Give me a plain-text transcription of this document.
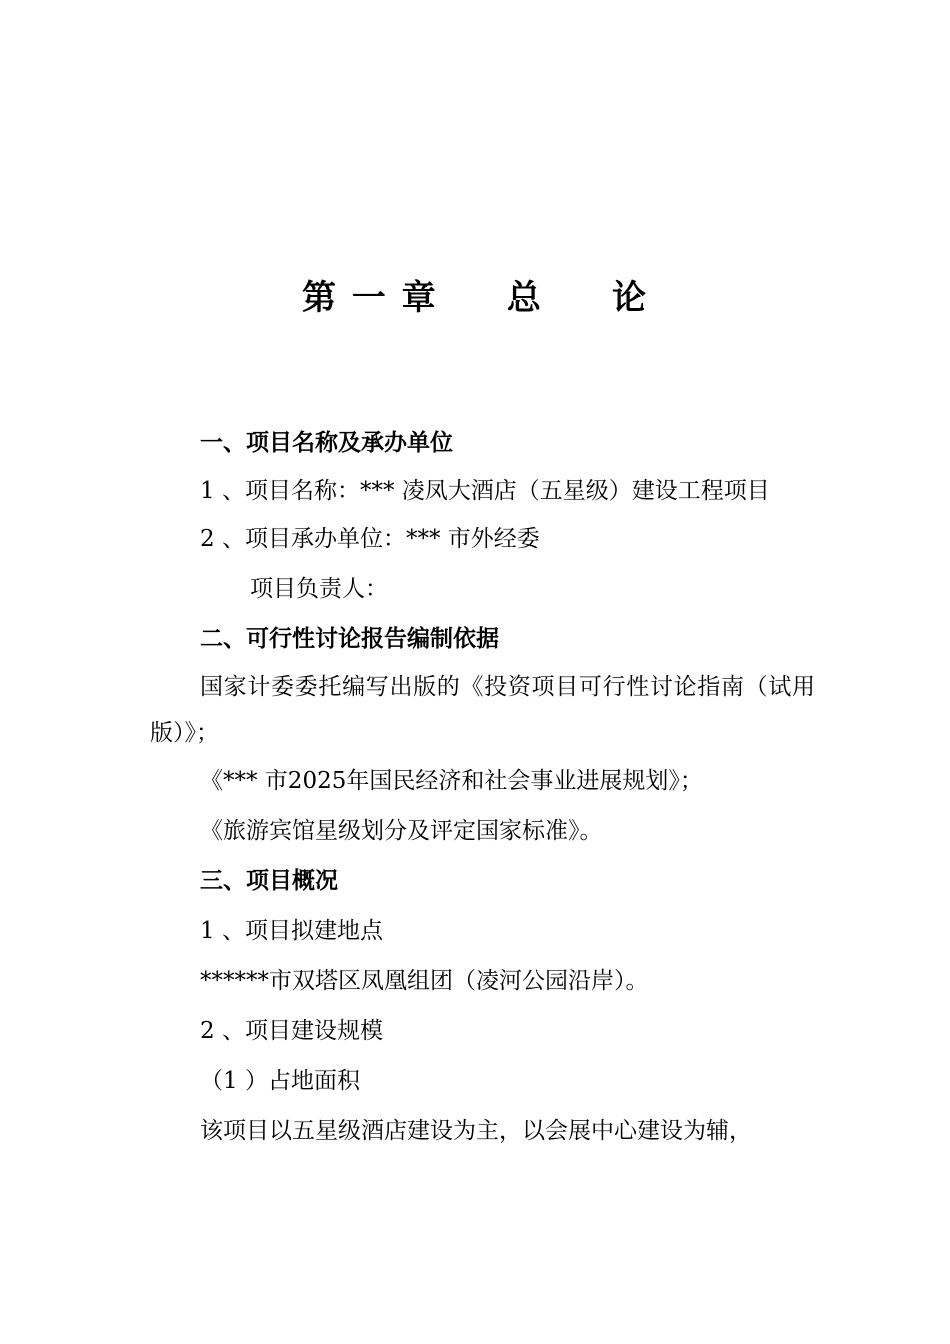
第 一 章     总     论

一、项目名称及承办单位

1 、项目名称：*** 凌凤大酒店（五星级）建设工程项目

2 、项目承办单位：*** 市外经委

项目负责人：

二、可行性讨论报告编制依据

国家计委委托编写出版的《投资项目可行性讨论指南（试用版）》；

《*** 市2025年国民经济和社会事业进展规划》；

《旅游宾馆星级划分及评定国家标准》。

三、项目概况

1 、项目拟建地点

******市双塔区凤凰组团（凌河公园沿岸）。

2 、项目建设规模

（1 ）占地面积

该项目以五星级酒店建设为主，以会展中心建设为辅，
